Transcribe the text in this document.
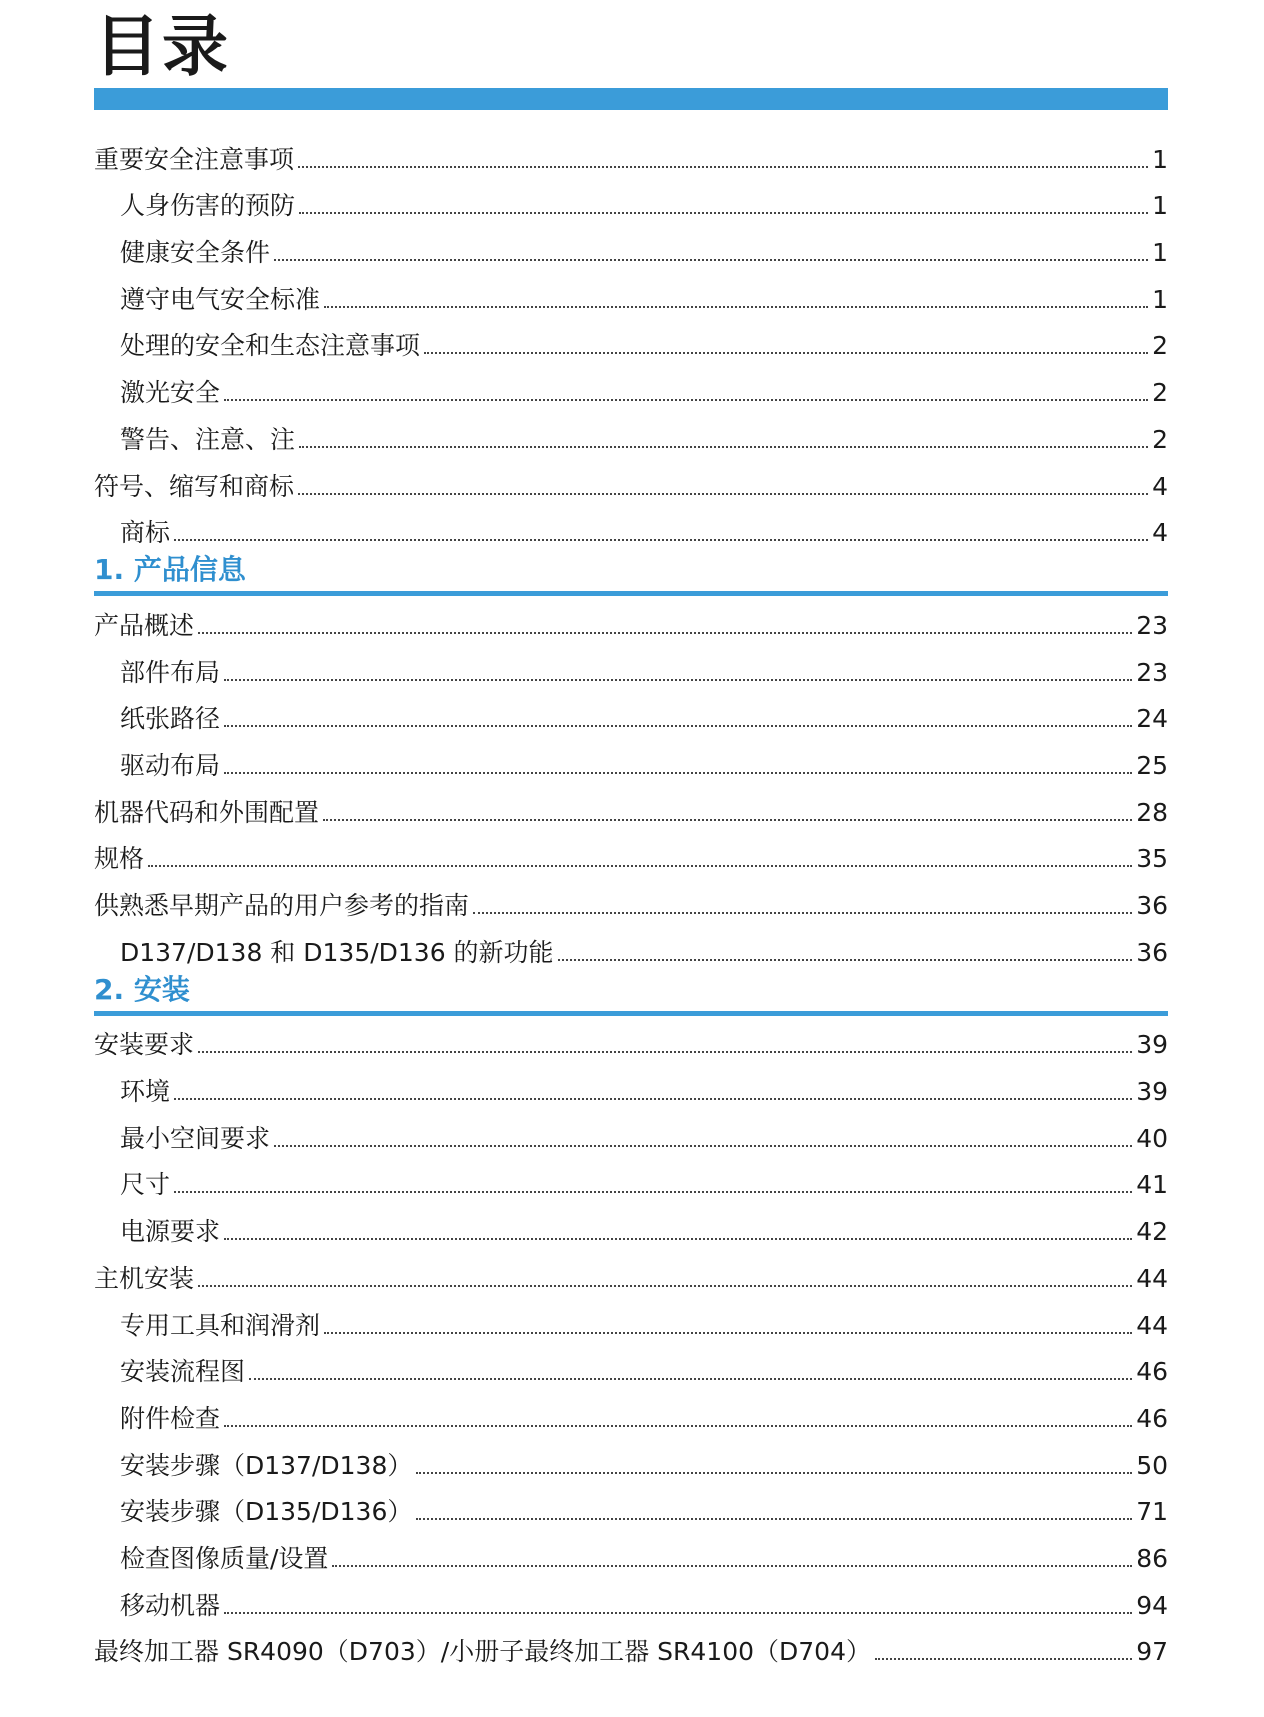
目录
重要安全注意事项	1
人身伤害的预防	1
健康安全条件	1
遵守电气安全标准	1
处理的安全和生态注意事项	2
激光安全	2
警告、注意、注	2
符号、缩写和商标	4
商标	4
1. 产品信息
产品概述	23
部件布局	23
纸张路径	24
驱动布局	25
机器代码和外围配置	28
规格	35
供熟悉早期产品的用户参考的指南	36
D137/D138 和 D135/D136 的新功能	36
2. 安装
安装要求	39
环境	39
最小空间要求	40
尺寸	41
电源要求	42
主机安装	44
专用工具和润滑剂	44
安装流程图	46
附件检查	46
安装步骤（D137/D138）	50
安装步骤（D135/D136）	71
检查图像质量/设置	86
移动机器	94
最终加工器 SR4090（D703）/小册子最终加工器 SR4100（D704）	97
